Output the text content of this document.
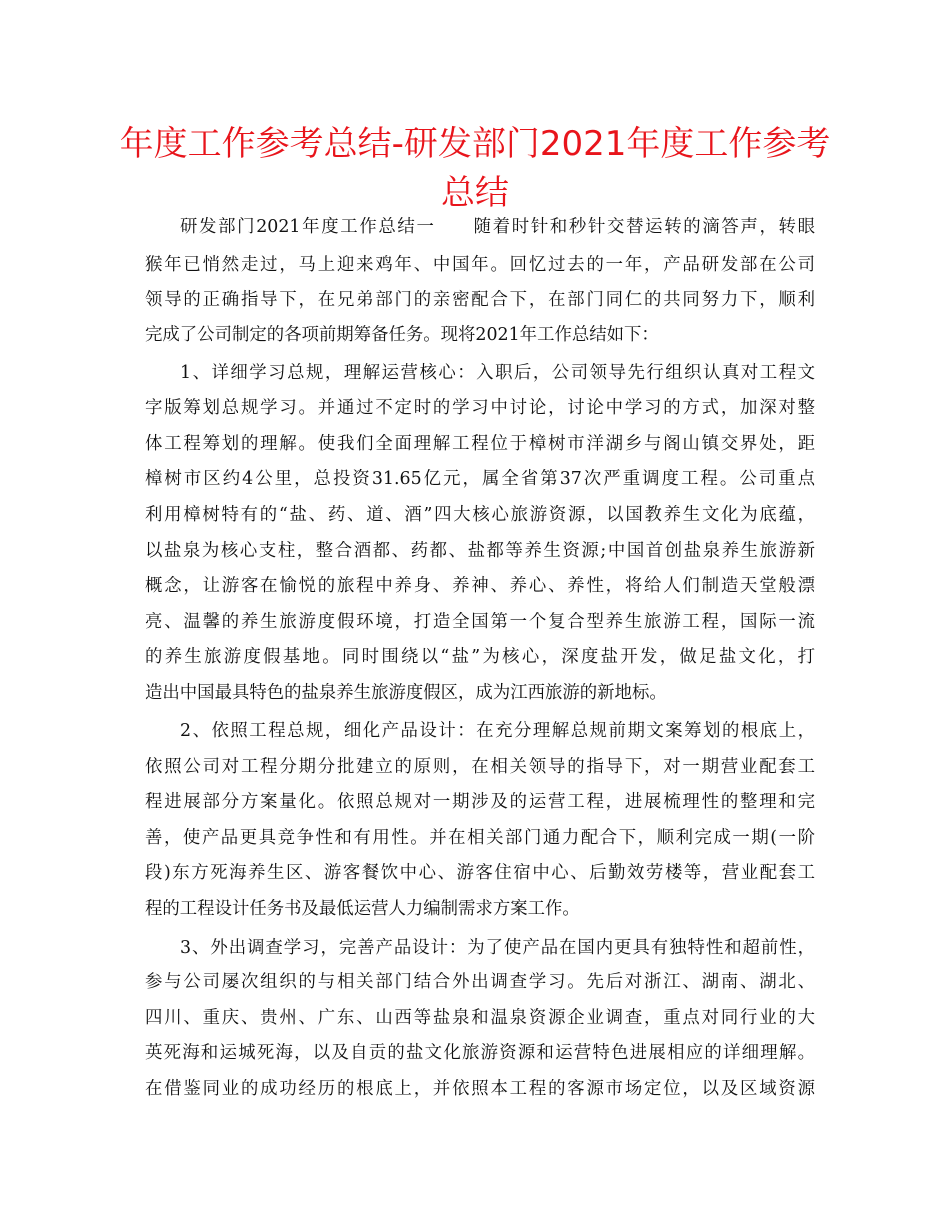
年度工作参考总结-研发部门2021年度工作参考
总结
研发部门2021年度工作总结一　　随着时针和秒针交替运转的滴答声，转眼
猴年已悄然走过，马上迎来鸡年、中国年。回忆过去的一年，产品研发部在公司
领导的正确指导下，在兄弟部门的亲密配合下，在部门同仁的共同努力下，顺利
完成了公司制定的各项前期筹备任务。现将2021年工作总结如下：
1、详细学习总规，理解运营核心：入职后，公司领导先行组织认真对工程文
字版筹划总规学习。并通过不定时的学习中讨论，讨论中学习的方式，加深对整
体工程筹划的理解。使我们全面理解工程位于樟树市洋湖乡与阁山镇交界处，距
樟树市区约4公里，总投资31.65亿元，属全省第37次严重调度工程。公司重点
利用樟树特有的“盐、药、道、酒”四大核心旅游资源，以国教养生文化为底蕴，
以盐泉为核心支柱，整合酒都、药都、盐都等养生资源;中国首创盐泉养生旅游新
概念，让游客在愉悦的旅程中养身、养神、养心、养性，将给人们制造天堂般漂
亮、温馨的养生旅游度假环境，打造全国第一个复合型养生旅游工程，国际一流
的养生旅游度假基地。同时围绕以“盐”为核心，深度盐开发，做足盐文化，打
造出中国最具特色的盐泉养生旅游度假区，成为江西旅游的新地标。
2、依照工程总规，细化产品设计：在充分理解总规前期文案筹划的根底上，
依照公司对工程分期分批建立的原则，在相关领导的指导下，对一期营业配套工
程进展部分方案量化。依照总规对一期涉及的运营工程，进展梳理性的整理和完
善，使产品更具竞争性和有用性。并在相关部门通力配合下，顺利完成一期(一阶
段)东方死海养生区、游客餐饮中心、游客住宿中心、后勤效劳楼等，营业配套工
程的工程设计任务书及最低运营人力编制需求方案工作。
3、外出调查学习，完善产品设计：为了使产品在国内更具有独特性和超前性，
参与公司屡次组织的与相关部门结合外出调查学习。先后对浙江、湖南、湖北、
四川、重庆、贵州、广东、山西等盐泉和温泉资源企业调查，重点对同行业的大
英死海和运城死海，以及自贡的盐文化旅游资源和运营特色进展相应的详细理解。
在借鉴同业的成功经历的根底上，并依照本工程的客源市场定位，以及区域资源
